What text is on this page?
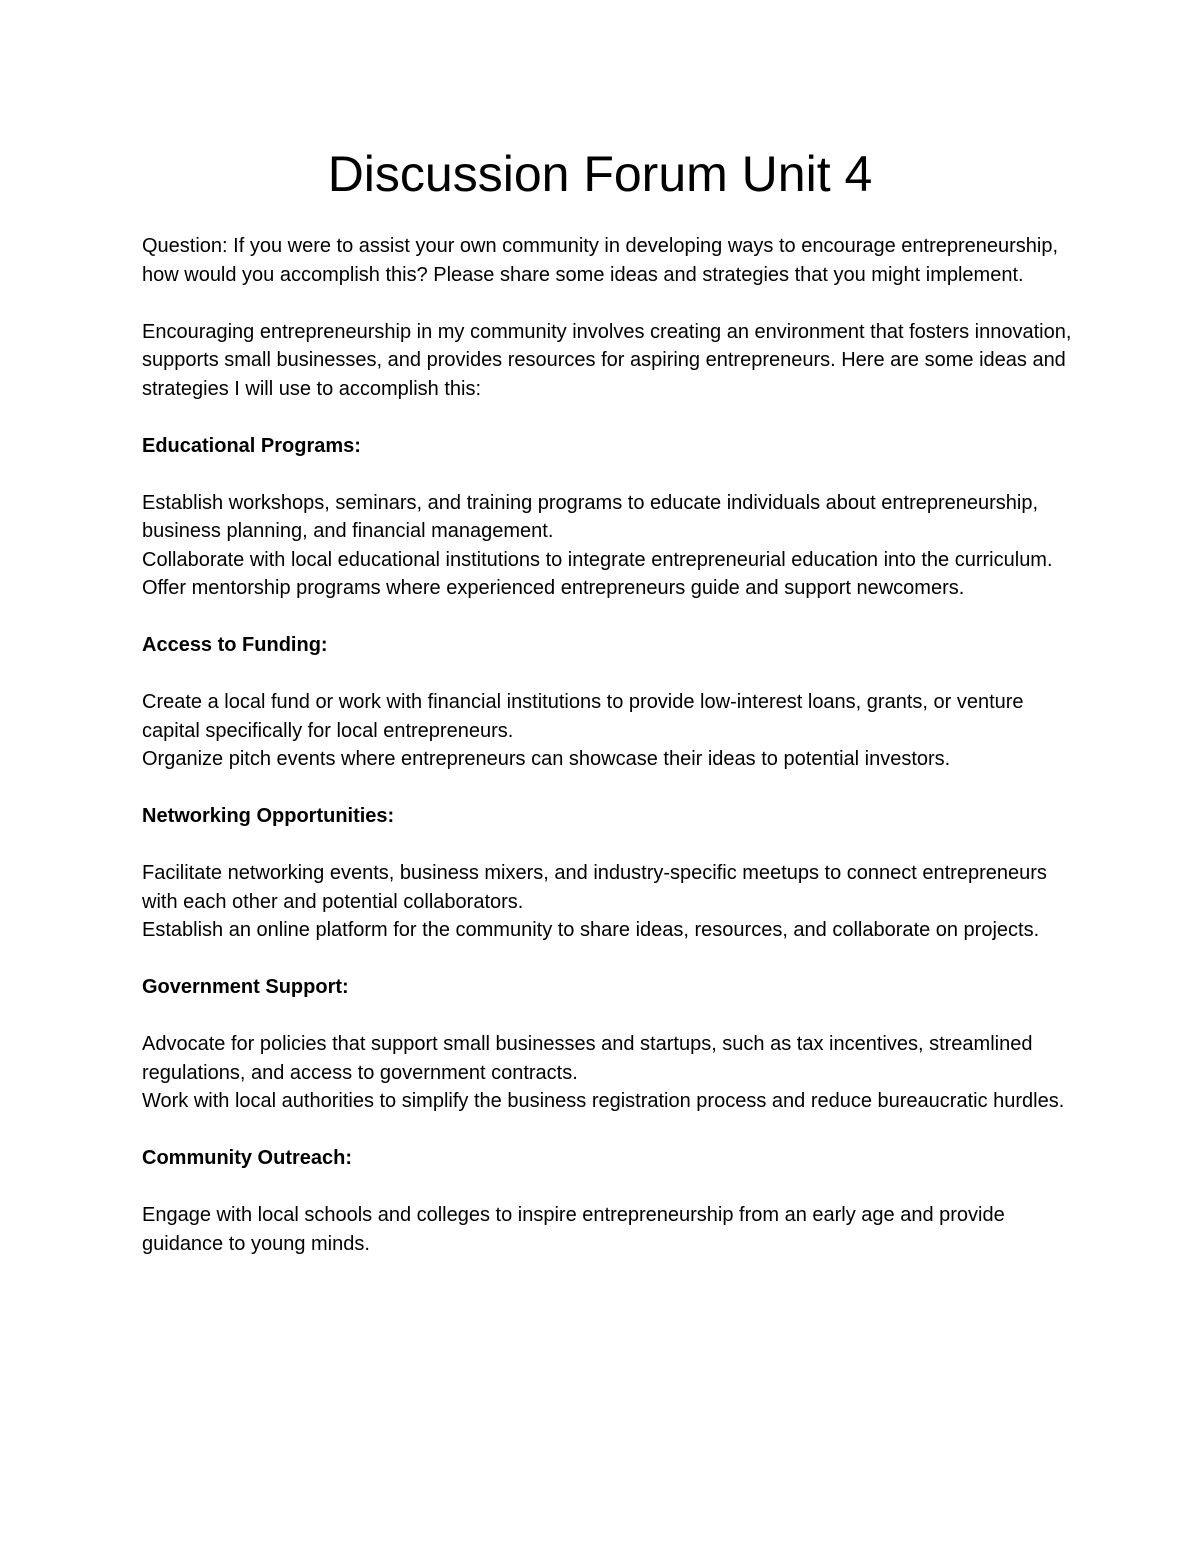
Discussion Forum Unit 4

Question: If you were to assist your own community in developing ways to encourage entrepreneurship, how would you accomplish this? Please share some ideas and strategies that you might implement.

Encouraging entrepreneurship in my community involves creating an environment that fosters innovation, supports small businesses, and provides resources for aspiring entrepreneurs. Here are some ideas and strategies I will use to accomplish this:

Educational Programs:

Establish workshops, seminars, and training programs to educate individuals about entrepreneurship, business planning, and financial management.

Collaborate with local educational institutions to integrate entrepreneurial education into the curriculum.

Offer mentorship programs where experienced entrepreneurs guide and support newcomers.

Access to Funding:

Create a local fund or work with financial institutions to provide low-interest loans, grants, or venture capital specifically for local entrepreneurs.

Organize pitch events where entrepreneurs can showcase their ideas to potential investors.

Networking Opportunities:

Facilitate networking events, business mixers, and industry-specific meetups to connect entrepreneurs with each other and potential collaborators.

Establish an online platform for the community to share ideas, resources, and collaborate on projects.

Government Support:

Advocate for policies that support small businesses and startups, such as tax incentives, streamlined regulations, and access to government contracts.

Work with local authorities to simplify the business registration process and reduce bureaucratic hurdles.

Community Outreach:

Engage with local schools and colleges to inspire entrepreneurship from an early age and provide guidance to young minds.
